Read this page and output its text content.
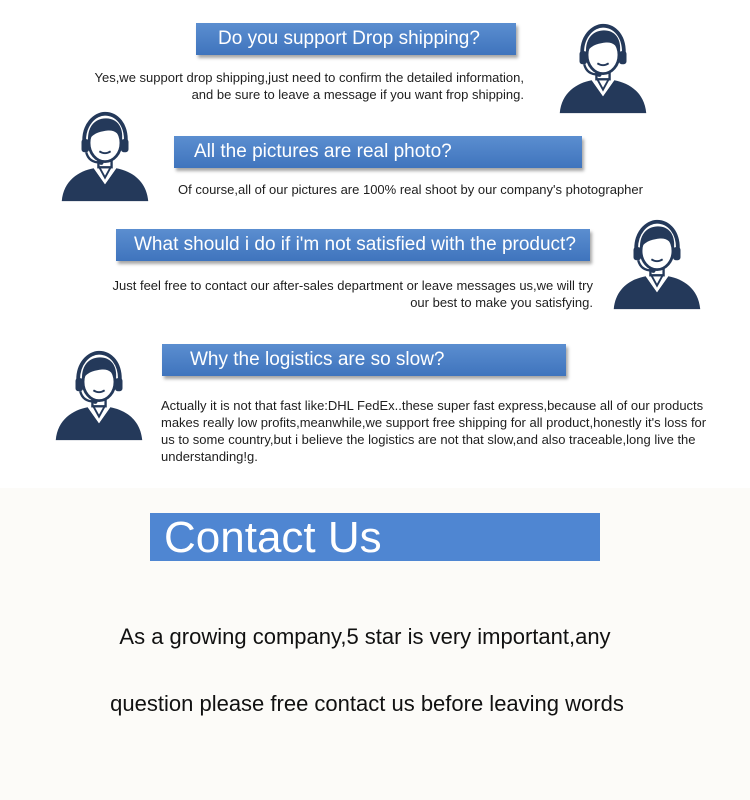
Do you support Drop shipping?
Yes,we support drop shipping,just need to confirm the detailed information,
and be sure to leave a message if you want frop shipping.
All the pictures are real photo?
Of course,all of our pictures are 100% real shoot by our company's photographer
What should i do if i'm not satisfied with the product?
Just feel free to contact our after-sales department or leave messages us,we will try
our best to make you satisfying.
Why the logistics are so slow?
Actually it is not that fast like:DHL FedEx..these super fast express,because all of our products
makes really low profits,meanwhile,we support free shipping for all product,honestly it's loss for
us to some country,but i believe the logistics are not that slow,and also traceable,long live the
understanding!g.
Contact Us
As a growing company,5 star is very important,any
question please free contact us before leaving words
